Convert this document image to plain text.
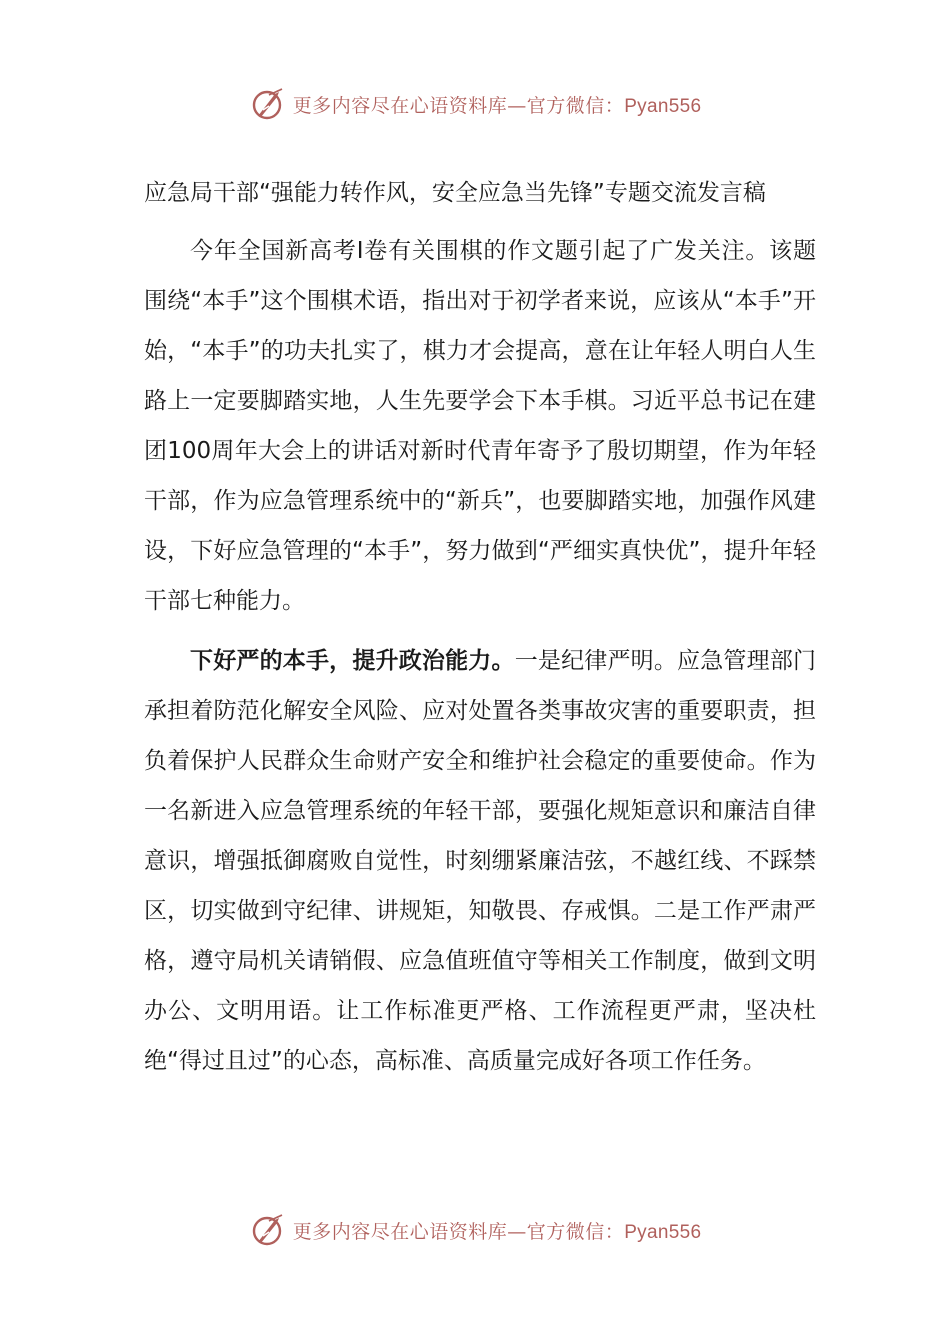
更多内容尽在心语资料库—官方微信：Pyan556
应急局干部“强能力转作风，安全应急当先锋”专题交流发言稿

今年全国新高考Ⅰ卷有关围棋的作文题引起了广发关注。该题围绕“本手”这个围棋术语，指出对于初学者来说，应该从“本手”开始，“本手”的功夫扎实了，棋力才会提高，意在让年轻人明白人生路上一定要脚踏实地，人生先要学会下本手棋。习近平总书记在建团100周年大会上的讲话对新时代青年寄予了殷切期望，作为年轻干部，作为应急管理系统中的“新兵”，也要脚踏实地，加强作风建设，下好应急管理的“本手”，努力做到“严细实真快优”，提升年轻干部七种能力。

下好严的本手，提升政治能力。一是纪律严明。应急管理部门承担着防范化解安全风险、应对处置各类事故灾害的重要职责，担负着保护人民群众生命财产安全和维护社会稳定的重要使命。作为一名新进入应急管理系统的年轻干部，要强化规矩意识和廉洁自律意识，增强抵御腐败自觉性，时刻绷紧廉洁弦，不越红线、不踩禁区，切实做到守纪律、讲规矩，知敬畏、存戒惧。二是工作严肃严格，遵守局机关请销假、应急值班值守等相关工作制度，做到文明办公、文明用语。让工作标准更严格、工作流程更严肃，坚决杜绝“得过且过”的心态，高标准、高质量完成好各项工作任务。

更多内容尽在心语资料库—官方微信：Pyan556
